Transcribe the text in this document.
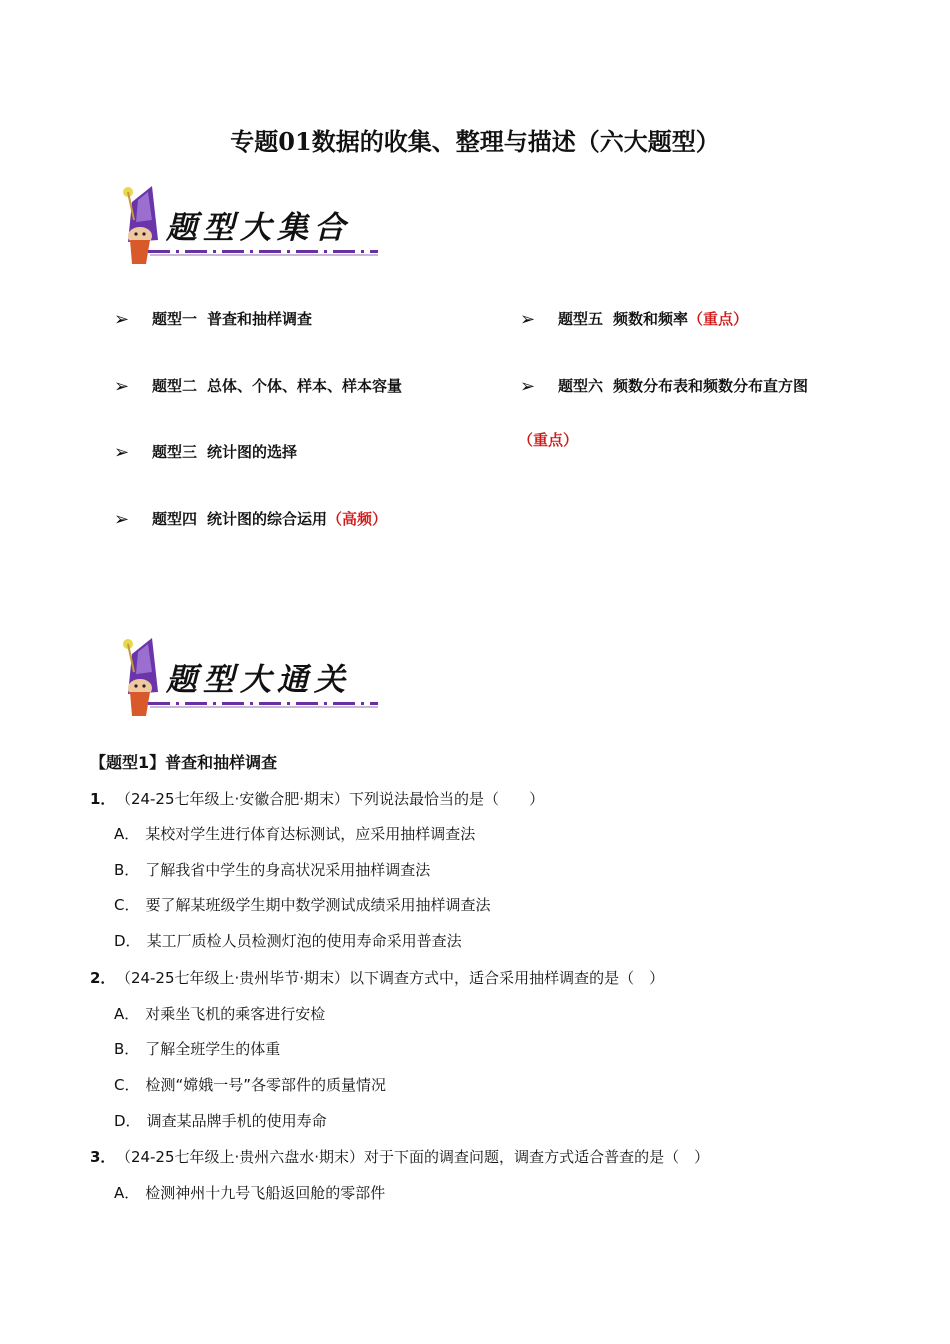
专题01数据的收集、整理与描述（六大题型）
题型大集合
➢ 题型一 普查和抽样调查	➢ 题型五 频数和频率（重点）
➢ 题型二 总体、个体、样本、样本容量	➢ 题型六 频数分布表和频数分布直方图
（重点）
➢ 题型三 统计图的选择
➢ 题型四 统计图的综合运用（高频）
题型大通关
【题型1】普查和抽样调查
1． （24-25七年级上·安徽合肥·期末）下列说法最恰当的是（　　）
A． 某校对学生进行体育达标测试，应采用抽样调查法
B． 了解我省中学生的身高状况采用抽样调查法
C． 要了解某班级学生期中数学测试成绩采用抽样调查法
D． 某工厂质检人员检测灯泡的使用寿命采用普查法
2． （24-25七年级上·贵州毕节·期末）以下调查方式中，适合采用抽样调查的是（　）
A． 对乘坐飞机的乘客进行安检
B． 了解全班学生的体重
C． 检测“嫦娥一号”各零部件的质量情况
D． 调查某品牌手机的使用寿命
3． （24-25七年级上·贵州六盘水·期末）对于下面的调查问题，调查方式适合普查的是（　）
A． 检测神州十九号飞船返回舱的零部件
